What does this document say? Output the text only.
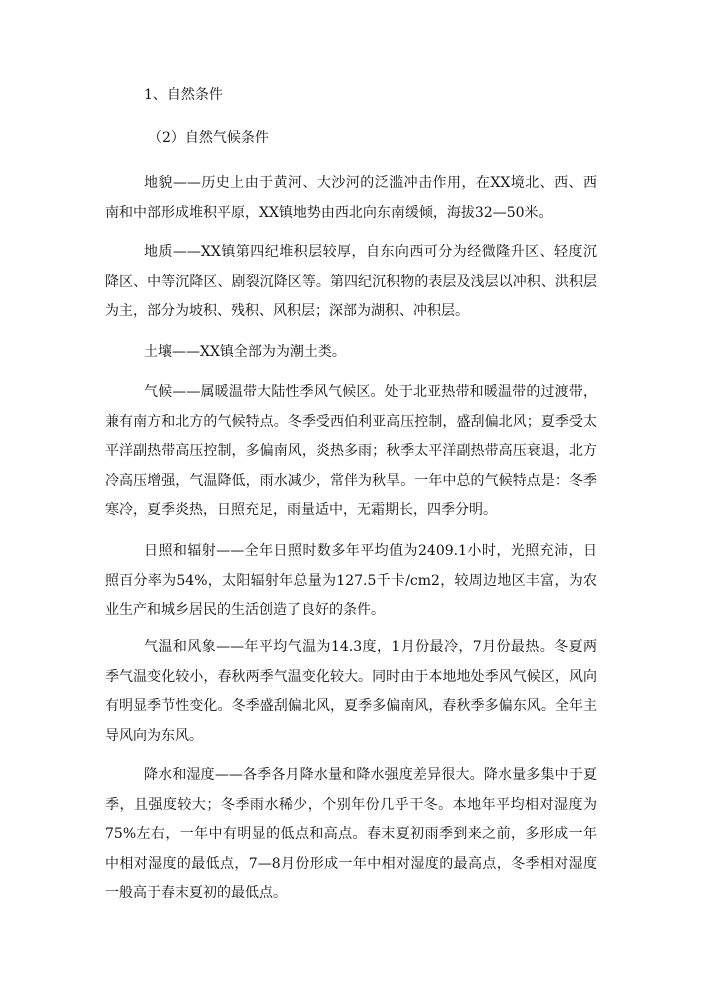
1、自然条件
（2）自然气候条件

地貌——历史上由于黄河、大沙河的泛滥冲击作用，在XX境北、西、西南和中部形成堆积平原，XX镇地势由西北向东南缓倾，海拔32—50米。

地质——XX镇第四纪堆积层较厚，自东向西可分为经微隆升区、轻度沉降区、中等沉降区、剧裂沉降区等。第四纪沉积物的表层及浅层以冲积、洪积层为主，部分为坡积、残积、风积层；深部为湖积、冲积层。

土壤——XX镇全部为为潮土类。

气候——属暖温带大陆性季风气候区。处于北亚热带和暖温带的过渡带，兼有南方和北方的气候特点。冬季受西伯利亚高压控制，盛刮偏北风；夏季受太平洋副热带高压控制，多偏南风，炎热多雨；秋季太平洋副热带高压衰退，北方冷高压增强，气温降低，雨水减少，常伴为秋旱。一年中总的气候特点是：冬季寒冷，夏季炎热，日照充足，雨量适中，无霜期长，四季分明。

日照和辐射——全年日照时数多年平均值为2409.1小时，光照充沛，日照百分率为54%，太阳辐射年总量为127.5千卡/cm2，较周边地区丰富，为农业生产和城乡居民的生活创造了良好的条件。

气温和风象——年平均气温为14.3度，1月份最冷，7月份最热。冬夏两季气温变化较小，春秋两季气温变化较大。同时由于本地地处季风气候区，风向有明显季节性变化。冬季盛刮偏北风，夏季多偏南风，春秋季多偏东风。全年主导风向为东风。

降水和湿度——各季各月降水量和降水强度差异很大。降水量多集中于夏季，且强度较大；冬季雨水稀少，个别年份几乎干冬。本地年平均相对湿度为75%左右，一年中有明显的低点和高点。春末夏初雨季到来之前，多形成一年中相对湿度的最低点，7—8月份形成一年中相对湿度的最高点，冬季相对湿度一般高于春末夏初的最低点。
